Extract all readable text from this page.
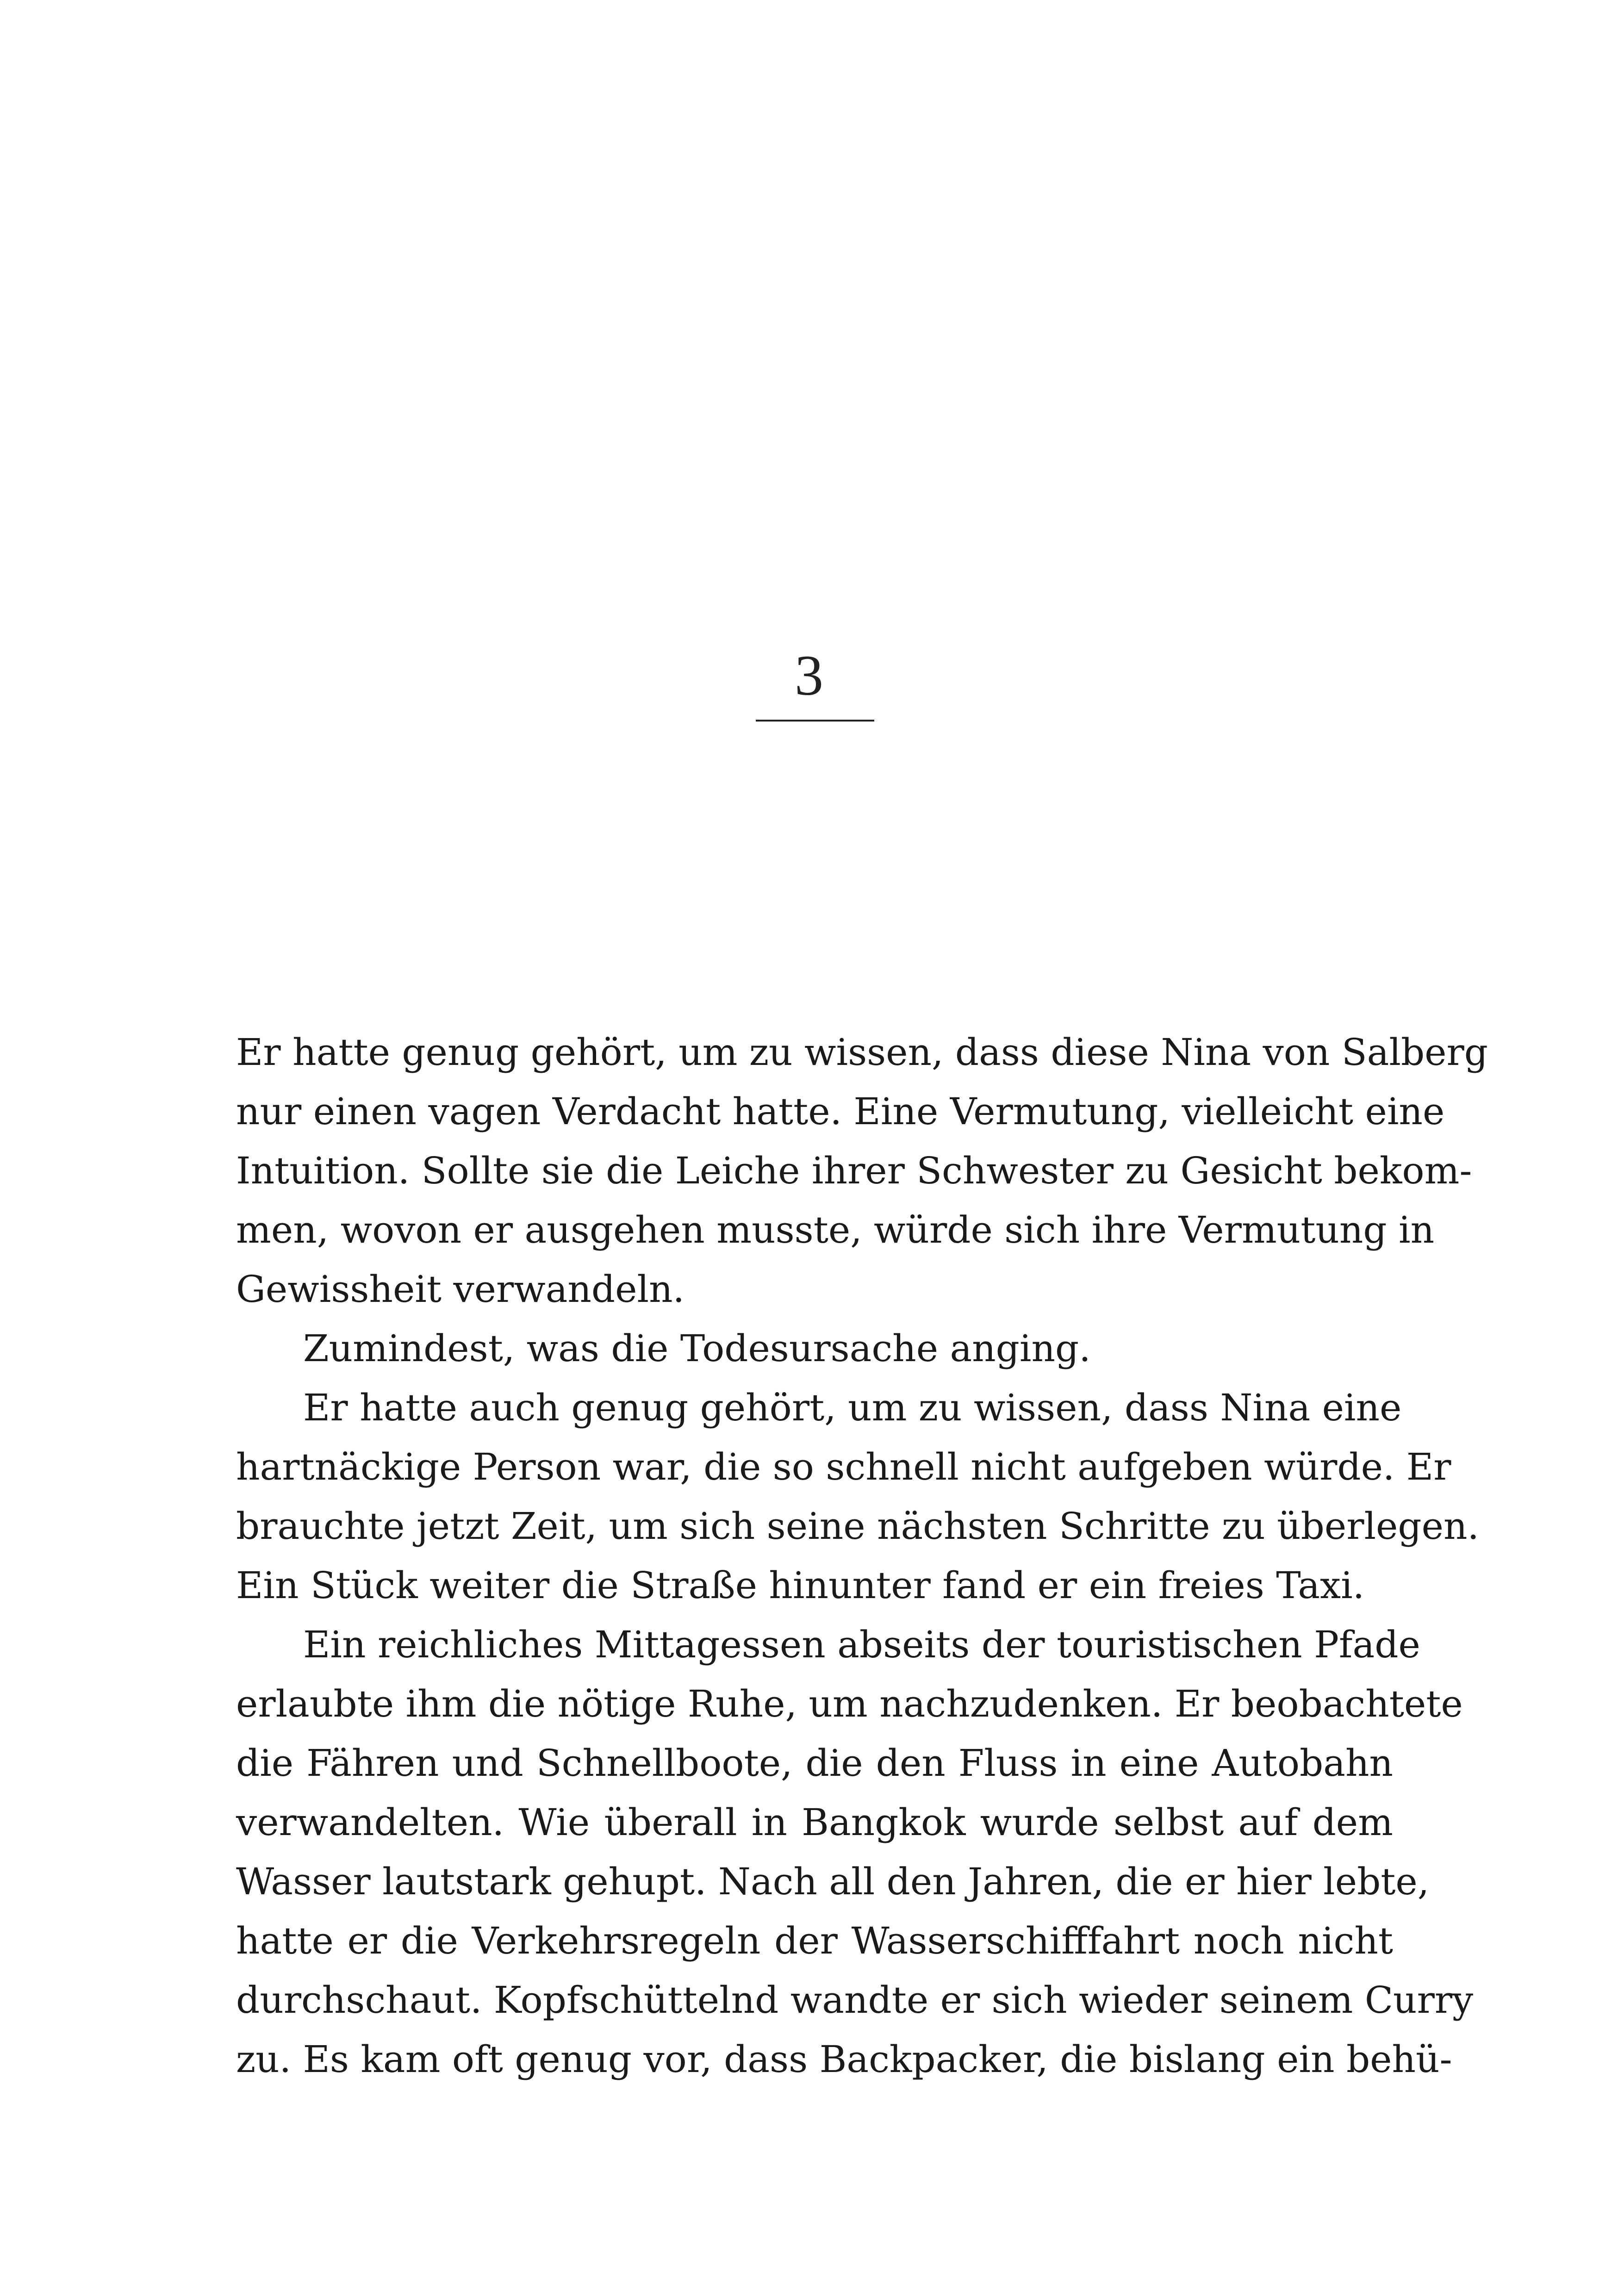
3
Er hatte genug gehört, um zu wissen, dass diese Nina von Salberg
nur einen vagen Verdacht hatte. Eine Vermutung, vielleicht eine
Intuition. Sollte sie die Leiche ihrer Schwester zu Gesicht bekom-
men, wovon er ausgehen musste, würde sich ihre Vermutung in
Gewissheit verwandeln.
Zumindest, was die Todesursache anging.
Er hatte auch genug gehört, um zu wissen, dass Nina eine
hartnäckige Person war, die so schnell nicht aufgeben würde. Er
brauchte jetzt Zeit, um sich seine nächsten Schritte zu überlegen.
Ein Stück weiter die Straße hinunter fand er ein freies Taxi.
Ein reichliches Mittagessen abseits der touristischen Pfade
erlaubte ihm die nötige Ruhe, um nachzudenken. Er beobachtete
die Fähren und Schnellboote, die den Fluss in eine Autobahn
verwandelten. Wie überall in Bangkok wurde selbst auf dem
Wasser lautstark gehupt. Nach all den Jahren, die er hier lebte,
hatte er die Verkehrsregeln der Wasserschifffahrt noch nicht
durchschaut. Kopfschüttelnd wandte er sich wieder seinem Curry
zu. Es kam oft genug vor, dass Backpacker, die bislang ein behü-
